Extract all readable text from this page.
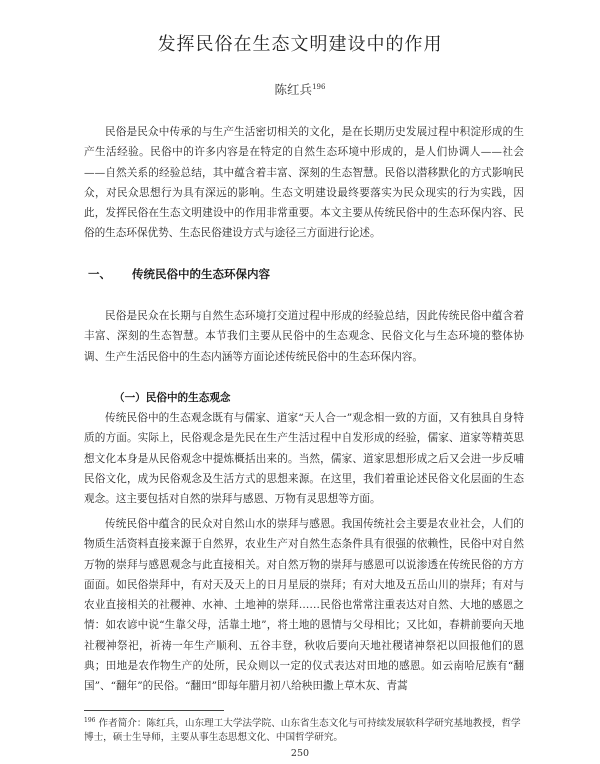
发挥民俗在生态文明建设中的作用
陈红兵$^{196}$

民俗是民众中传承的与生产生活密切相关的文化，是在长期历史发展过程中积淀形成的生产生活经验。民俗中的许多内容是在特定的自然生态环境中形成的，是人们协调人——社会——自然关系的经验总结，其中蕴含着丰富、深刻的生态智慧。民俗以潜移默化的方式影响民众，对民众思想行为具有深远的影响。生态文明建设最终要落实为民众现实的行为实践，因此，发挥民俗在生态文明建设中的作用非常重要。本文主要从传统民俗中的生态环保内容、民俗的生态环保优势、生态民俗建设方式与途径三方面进行论述。

一、 传统民俗中的生态环保内容

民俗是民众在长期与自然生态环境打交道过程中形成的经验总结，因此传统民俗中蕴含着丰富、深刻的生态智慧。本节我们主要从民俗中的生态观念、民俗文化与生态环境的整体协调、生产生活民俗中的生态内涵等方面论述传统民俗中的生态环保内容。

（一）民俗中的生态观念

传统民俗中的生态观念既有与儒家、道家“天人合一”观念相一致的方面，又有独具自身特质的方面。实际上，民俗观念是先民在生产生活过程中自发形成的经验，儒家、道家等精英思想文化本身是从民俗观念中提炼概括出来的。当然，儒家、道家思想形成之后又会进一步反哺民俗文化，成为民俗观念及生活方式的思想来源。在这里，我们着重论述民俗文化层面的生态观念。这主要包括对自然的崇拜与感恩、万物有灵思想等方面。

传统民俗中蕴含的民众对自然山水的崇拜与感恩。我国传统社会主要是农业社会，人们的物质生活资料直接来源于自然界，农业生产对自然生态条件具有很强的依赖性，民俗中对自然万物的崇拜与感恩观念与此直接相关。对自然万物的崇拜与感恩可以说渗透在传统民俗的方方面面。如民俗崇拜中，有对天及天上的日月星辰的崇拜；有对大地及五岳山川的崇拜；有对与农业直接相关的社稷神、水神、土地神的崇拜……民俗也常常注重表达对自然、大地的感恩之情：如农谚中说“生靠父母，活靠土地”，将土地的恩情与父母相比；又比如，春耕前要向天地社稷神祭祀，祈祷一年生产顺利、五谷丰登，秋收后要向天地社稷诸神祭祀以回报他们的恩典；田地是农作物生产的处所，民众则以一定的仪式表达对田地的感恩。如云南哈尼族有“翻国”、“翻年”的民俗。“翻田”即每年腊月初八给秧田撒上草木灰、青蒿

$^{196}$ 作者简介：陈红兵，山东理工大学法学院、山东省生态文化与可持续发展软科学研究基地教授，哲学博士，硕士生导师，主要从事生态思想文化、中国哲学研究。

250
